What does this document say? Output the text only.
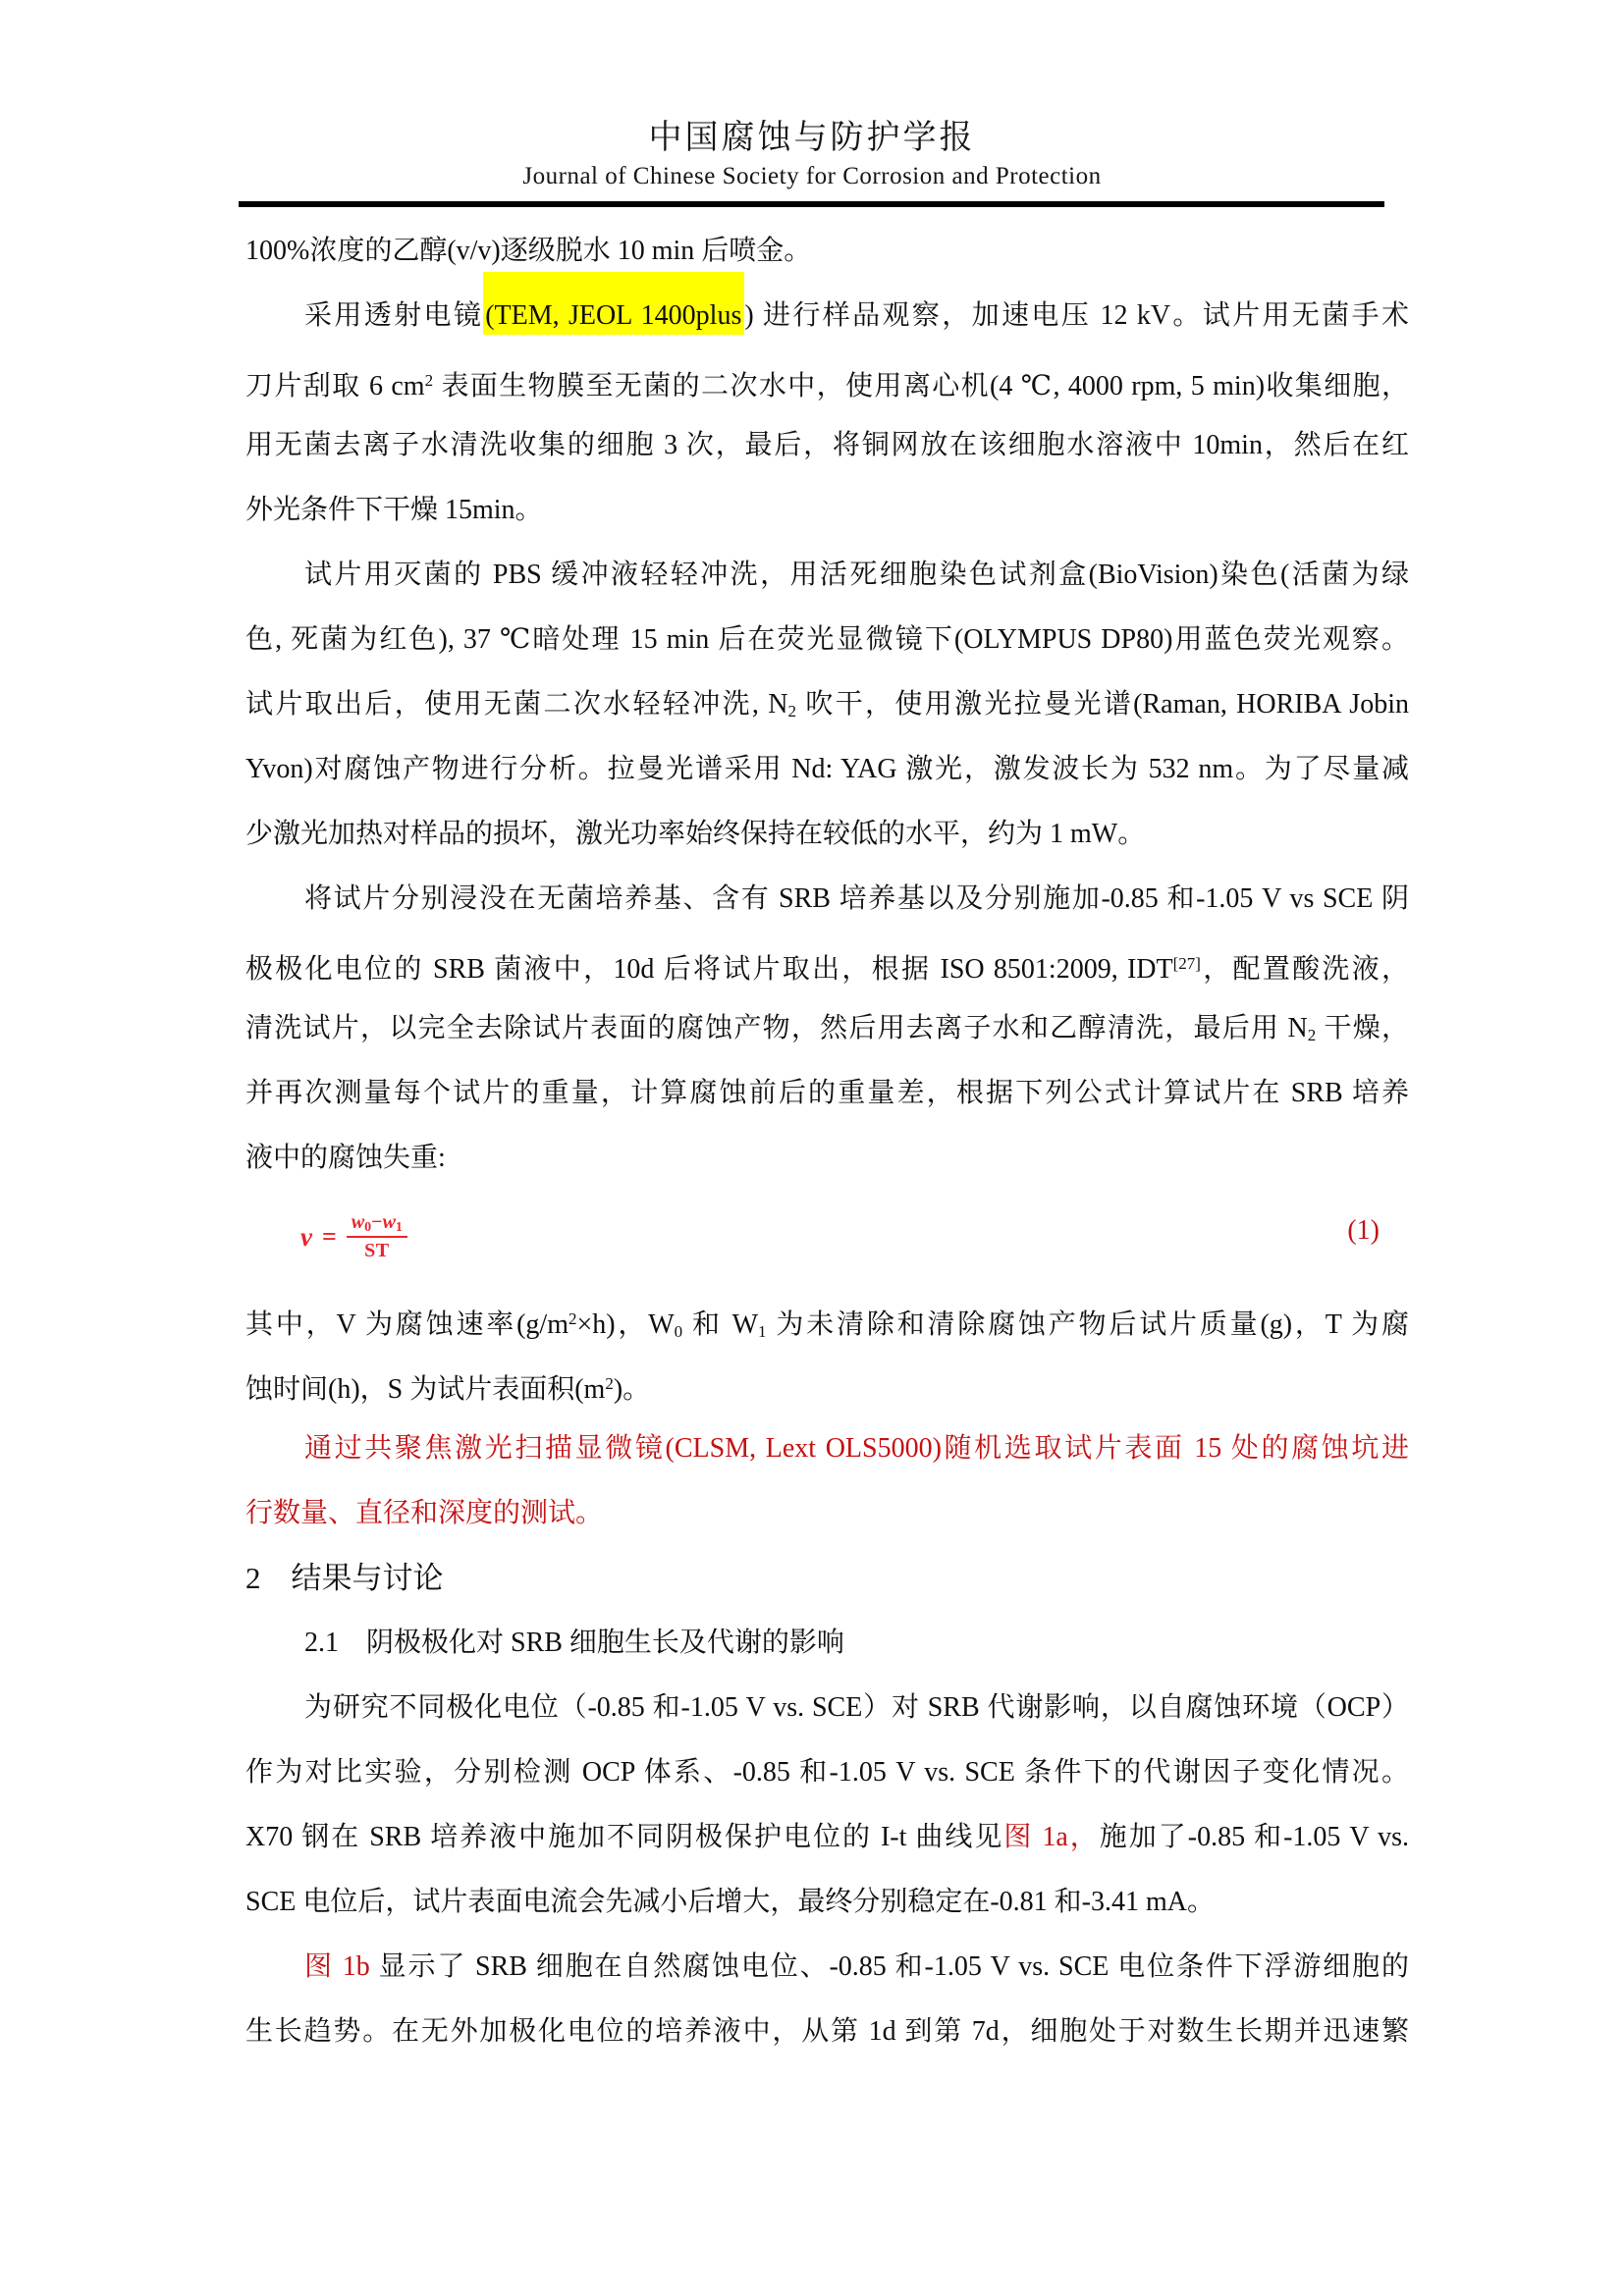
中国腐蚀与防护学报
Journal of Chinese Society for Corrosion and Protection
100%浓度的乙醇(v/v)逐级脱水 10 min 后喷金。
采用透射电镜(TEM, JEOL 1400plus ) 进行样品观察，加速电压 12 kV。试片用无菌手术
刀片刮取 6 $cm^2$ 表面生物膜至无菌的二次水中，使用离心机(4 ℃, 4000 rpm, 5 min)收集细胞，
用无菌去离子水清洗收集的细胞 3 次，最后，将铜网放在该细胞水溶液中 10min，然后在红
外光条件下干燥 15min。
试片用灭菌的 PBS 缓冲液轻轻冲洗，用活死细胞染色试剂盒(BioVision)染色(活菌为绿
色, 死菌为红色), 37 ℃暗处理 15 min 后在荧光显微镜下(OLYMPUS DP80)用蓝色荧光观察。
试片取出后，使用无菌二次水轻轻冲洗, $N_2$ 吹干，使用激光拉曼光谱(Raman, HORIBA Jobin
Yvon)对腐蚀产物进行分析。拉曼光谱采用 Nd: YAG 激光，激发波长为 532 nm。为了尽量减
少激光加热对样品的损坏，激光功率始终保持在较低的水平，约为 1 mW。
将试片分别浸没在无菌培养基、含有 SRB 培养基以及分别施加-0.85 和-1.05 V vs SCE 阴
极极化电位的 SRB 菌液中，10d 后将试片取出，根据 ISO 8501:2009, IDT[27]，配置酸洗液，
清洗试片，以完全去除试片表面的腐蚀产物，然后用去离子水和乙醇清洗，最后用 $N_2$ 干燥，
并再次测量每个试片的重量，计算腐蚀前后的重量差，根据下列公式计算试片在 SRB 培养
液中的腐蚀失重:
$v = \frac{w_0-w_1}{ST}$	(1)
其中，V 为腐蚀速率$(g/m^2\times h)$，$W_0$ 和 $W_1$ 为未清除和清除腐蚀产物后试片质量(g)，T 为腐
蚀时间(h)，S 为试片表面积$(m^2)$。
通过共聚焦激光扫描显微镜(CLSM, Lext OLS5000)随机选取试片表面 15 处的腐蚀坑进
行数量、直径和深度的测试。
2　结果与讨论
2.1　阴极极化对 SRB 细胞生长及代谢的影响
为研究不同极化电位（-0.85 和-1.05 V vs. SCE）对 SRB 代谢影响，以自腐蚀环境（OCP）
作为对比实验，分别检测 OCP 体系、-0.85 和-1.05 V vs. SCE 条件下的代谢因子变化情况。
X70 钢在 SRB 培养液中施加不同阴极保护电位的 I-t 曲线见图 1a，施加了-0.85 和-1.05 V vs.
SCE 电位后，试片表面电流会先减小后增大，最终分别稳定在-0.81 和-3.41 mA。
图 1b 显示了 SRB 细胞在自然腐蚀电位、-0.85 和-1.05 V vs. SCE 电位条件下浮游细胞的
生长趋势。在无外加极化电位的培养液中，从第 1d 到第 7d，细胞处于对数生长期并迅速繁
